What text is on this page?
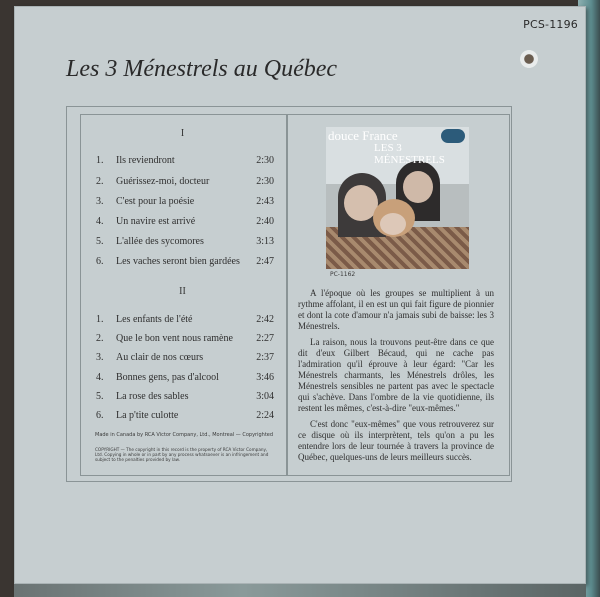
PCS-1196
Les 3 Ménestrels au Québec
I
1. Ils reviendront	2:30
2. Guérissez-moi, docteur	2:30
3. C'est pour la poésie	2:43
4. Un navire est arrivé	2:40
5. L'allée des sycomores	3:13
6. Les vaches seront bien gardées 2:47
II
1. Les enfants de l'été	2:42
2. Que le bon vent nous ramène 2:27
3. Au clair de nos cœurs	2:37
4. Bonnes gens, pas d'alcool	3:46
5. La rose des sables	3:04
6. La p'tite culotte	2:24
Made in Canada by RCA Victor Company, Ltd., Montreal — Copyrighted
COPYRIGHT — The copyright in this record is the property of RCA Victor Company, Ltd. Copying in whole or in part by any process whatsoever is an infringement and subject to the penalties provided by law.
douce France
LES 3 MÉNESTRELS
PC-1162

A l'époque où les groupes se multiplient à un rythme affolant, il en est un qui fait figure de pionnier et dont la cote d'amour n'a jamais subi de baisse: les 3 Ménestrels.

La raison, nous la trouvons peut-être dans ce que dit d'eux Gilbert Bécaud, qui ne cache pas l'admiration qu'il éprouve à leur égard: "Car les Ménestrels charmants, les Ménestrels drôles, les Ménestrels sensibles ne partent pas avec le spectacle qui s'achève. Dans l'ombre de la vie quotidienne, ils restent les mêmes, c'est-à-dire "eux-mêmes."

C'est donc "eux-mêmes" que vous retrouverez sur ce disque où ils interprètent, tels qu'on a pu les entendre lors de leur tournée à travers la province de Québec, quelques-uns de leurs meilleurs succès.
